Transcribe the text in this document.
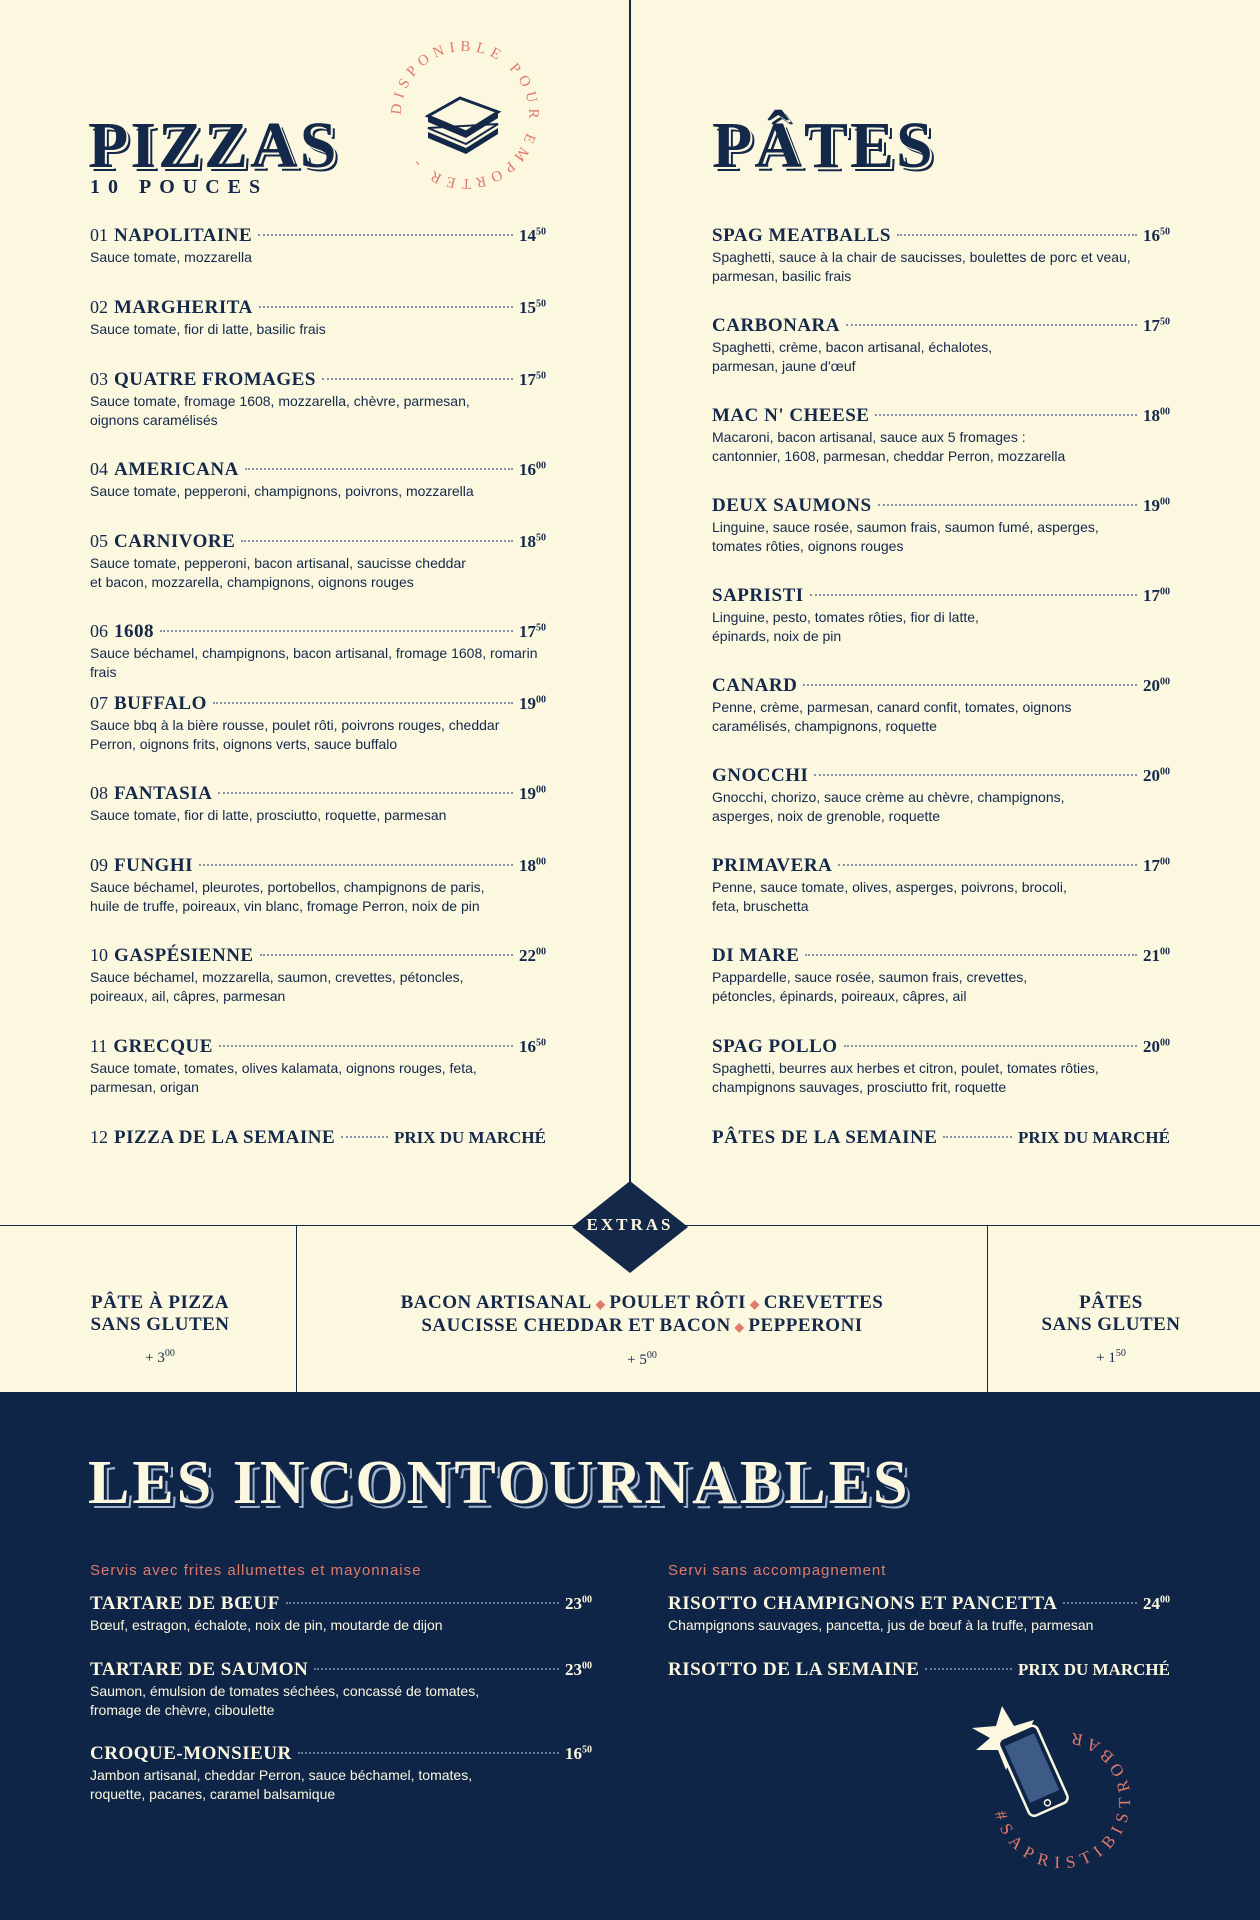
PIZZAS
10 POUCES
DISPONIBLE POUR EMPORTER -
01 NAPOLITAINE	$14^{50}$
Sauce tomate, mozzarella
02 MARGHERITA	$15^{50}$
Sauce tomate, fior di latte, basilic frais
03 QUATRE FROMAGES	$17^{50}$
Sauce tomate, fromage 1608, mozzarella, chèvre, parmesan,
oignons caramélisés
04 AMERICANA	$16^{00}$
Sauce tomate, pepperoni, champignons, poivrons, mozzarella
05 CARNIVORE	$18^{50}$
Sauce tomate, pepperoni, bacon artisanal, saucisse cheddar
et bacon, mozzarella, champignons, oignons rouges
06 1608	$17^{50}$
Sauce béchamel, champignons, bacon artisanal, fromage 1608, romarin frais
07 BUFFALO	$19^{00}$
Sauce bbq à la bière rousse, poulet rôti, poivrons rouges, cheddar
Perron, oignons frits, oignons verts, sauce buffalo
08 FANTASIA	$19^{00}$
Sauce tomate, fior di latte, prosciutto, roquette, parmesan
09 FUNGHI	$18^{00}$
Sauce béchamel, pleurotes, portobellos, champignons de paris,
huile de truffe, poireaux, vin blanc, fromage Perron, noix de pin
10 GASPÉSIENNE	$22^{00}$
Sauce béchamel, mozzarella, saumon, crevettes, pétoncles,
poireaux, ail, câpres, parmesan
11 GRECQUE	$16^{50}$
Sauce tomate, tomates, olives kalamata, oignons rouges, feta,
parmesan, origan
12 PIZZA DE LA SEMAINE	PRIX DU MARCHÉ
PÂTES
SPAG MEATBALLS	$16^{50}$
Spaghetti, sauce à la chair de saucisses, boulettes de porc et veau,
parmesan, basilic frais
CARBONARA	$17^{50}$
Spaghetti, crème, bacon artisanal, échalotes,
parmesan, jaune d'œuf
MAC N' CHEESE	$18^{00}$
Macaroni, bacon artisanal, sauce aux 5 fromages :
cantonnier, 1608, parmesan, cheddar Perron, mozzarella
DEUX SAUMONS	$19^{00}$
Linguine, sauce rosée, saumon frais, saumon fumé, asperges,
tomates rôties, oignons rouges
SAPRISTI	$17^{00}$
Linguine, pesto, tomates rôties, fior di latte,
épinards, noix de pin
CANARD	$20^{00}$
Penne, crème, parmesan, canard confit, tomates, oignons
caramélisés, champignons, roquette
GNOCCHI	$20^{00}$
Gnocchi, chorizo, sauce crème au chèvre, champignons,
asperges, noix de grenoble, roquette
PRIMAVERA	$17^{00}$
Penne, sauce tomate, olives, asperges, poivrons, brocoli,
feta, bruschetta
DI MARE	$21^{00}$
Pappardelle, sauce rosée, saumon frais, crevettes,
pétoncles, épinards, poireaux, câpres, ail
SPAG POLLO	$20^{00}$
Spaghetti, beurres aux herbes et citron, poulet, tomates rôties,
champignons sauvages, prosciutto frit, roquette
PÂTES DE LA SEMAINE	PRIX DU MARCHÉ
EXTRAS
PÂTE À PIZZA
SANS GLUTEN
+ $3^{00}$
BACON ARTISANAL ◆ POULET RÔTI ◆ CREVETTES
SAUCISSE CHEDDAR ET BACON ◆ PEPPERONI
+ $5^{00}$
PÂTES
SANS GLUTEN
+ $1^{50}$
LES INCONTOURNABLES
Servis avec frites allumettes et mayonnaise	Servi sans accompagnement
TARTARE DE BŒUF	$23^{00}$
Bœuf, estragon, échalote, noix de pin, moutarde de dijon
TARTARE DE SAUMON	$23^{00}$
Saumon, émulsion de tomates séchées, concassé de tomates,
fromage de chèvre, ciboulette
CROQUE-MONSIEUR	$16^{50}$
Jambon artisanal, cheddar Perron, sauce béchamel, tomates,
roquette, pacanes, caramel balsamique
RISOTTO CHAMPIGNONS ET PANCETTA	$24^{00}$
Champignons sauvages, pancetta, jus de bœuf à la truffe, parmesan
RISOTTO DE LA SEMAINE	PRIX DU MARCHÉ
#SAPRISTIBISTROBAR
